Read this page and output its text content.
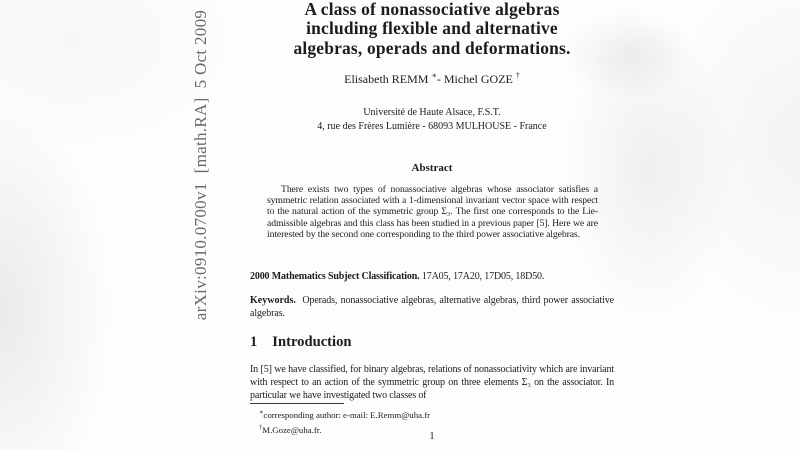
arXiv:0910.0700v1  [math.RA]  5 Oct 2009
A class of nonassociative algebras
including flexible and alternative
algebras, operads and deformations.
Elisabeth REMM ∗- Michel GOZE †
Université de Haute Alsace, F.S.T.
4, rue des Frères Lumière - 68093 MULHOUSE - France
Abstract
There exists two types of nonassociative algebras whose associator satisfies a symmetric relation associated with a 1-dimensional invariant vector space with respect to the natural action of the symmetric group Σ₃. The first one corresponds to the Lie-admissible algebras and this class has been studied in a previous paper [5]. Here we are interested by the second one corresponding to the third power associative algebras.
2000 Mathematics Subject Classification. 17A05, 17A20, 17D05, 18D50.
Keywords. Operads, nonassociative algebras, alternative algebras, third power associative algebras.
1 Introduction
In [5] we have classified, for binary algebras, relations of nonassociativity which are invariant with respect to an action of the symmetric group on three elements Σ₃ on the associator. In particular we have investigated two classes of
∗corresponding author: e-mail: E.Remm@uha.fr
†M.Goze@uha.fr.
1
